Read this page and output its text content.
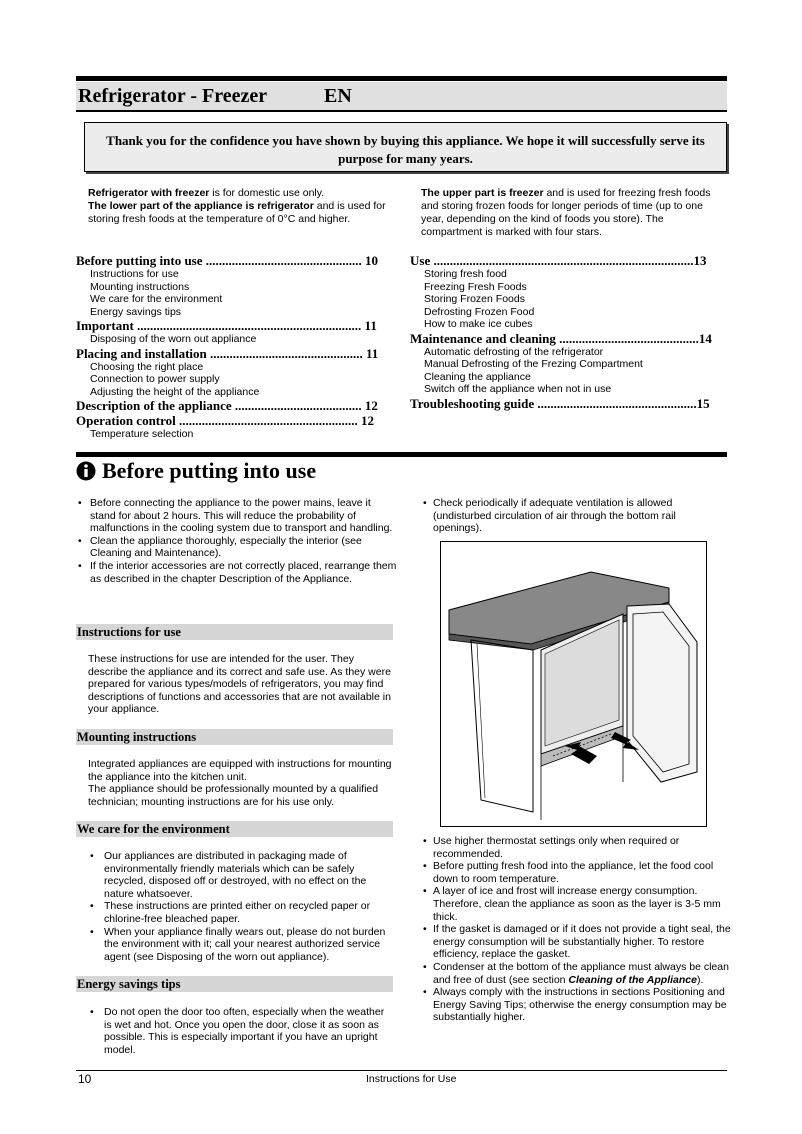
Refrigerator - Freezer	EN
Thank you for the confidence you have shown by buying this appliance. We hope it will successfully serve its purpose for many years.
Refrigerator with freezer is for domestic use only.
The lower part of the appliance is refrigerator and is used for storing fresh foods at the temperature of 0°C and higher.
The upper part is freezer and is used for freezing fresh foods and storing frozen foods for longer periods of time (up to one year, depending on the kind of foods you store). The compartment is marked with four stars.
Before putting into use ................................................ 10
Instructions for use
Mounting instructions
We care for the environment
Energy savings tips
Important ..................................................................... 11
Disposing of the worn out appliance
Placing and installation ............................................... 11
Choosing the right place
Connection to power supply
Adjusting the height of the appliance
Description of the appliance ....................................... 12
Operation control ....................................................... 12
Temperature selection
Use ................................................................................13
Storing fresh food
Freezing Fresh Foods
Storing Frozen Foods
Defrosting Frozen Food
How to make ice cubes
Maintenance and cleaning ...........................................14
Automatic defrosting of the refrigerator
Manual Defrosting of the Frezing Compartment
Cleaning the appliance
Switch off the appliance when not in use
Troubleshooting guide .................................................15
Before putting into use
• Before connecting the appliance to the power mains, leave it stand for about 2 hours. This will reduce the probability of malfunctions in the cooling system due to transport and handling.
• Clean the appliance thoroughly, especially the interior (see Cleaning and Maintenance).
• If the interior accessories are not correctly placed, rearrange them as described in the chapter Description of the Appliance.
Instructions for use
These instructions for use are intended for the user. They describe the appliance and its correct and safe use. As they were prepared for various types/models of refrigerators, you may find descriptions of functions and accessories that are not available in your appliance.
Mounting instructions
Integrated appliances are equipped with instructions for mounting the appliance into the kitchen unit.
The appliance should be professionally mounted by a qualified technician; mounting instructions are for his use only.
We care for the environment
• Our appliances are distributed in packaging made of environmentally friendly materials which can be safely recycled, disposed off or destroyed, with no effect on the nature whatsoever.
• These instructions are printed either on recycled paper or chlorine-free bleached paper.
• When your appliance finally wears out, please do not burden the environment with it; call your nearest authorized service agent (see Disposing of the worn out appliance).
Energy savings tips
• Do not open the door too often, especially when the weather is wet and hot. Once you open the door, close it as soon as possible. This is especially important if you have an upright model.
• Check periodically if adequate ventilation is allowed (undisturbed circulation of air through the bottom rail openings).
• Use higher thermostat settings only when required or recommended.
• Before putting fresh food into the appliance, let the food cool down to room temperature.
• A layer of ice and frost will increase energy consumption. Therefore, clean the appliance as soon as the layer is 3-5 mm thick.
• If the gasket is damaged or if it does not provide a tight seal, the energy consumption will be substantially higher. To restore efficiency, replace the gasket.
• Condenser at the bottom of the appliance must always be clean and free of dust (see section Cleaning of the Appliance).
• Always comply with the instructions in sections Positioning and Energy Saving Tips; otherwise the energy consumption may be substantially higher.
10	Instructions for Use
